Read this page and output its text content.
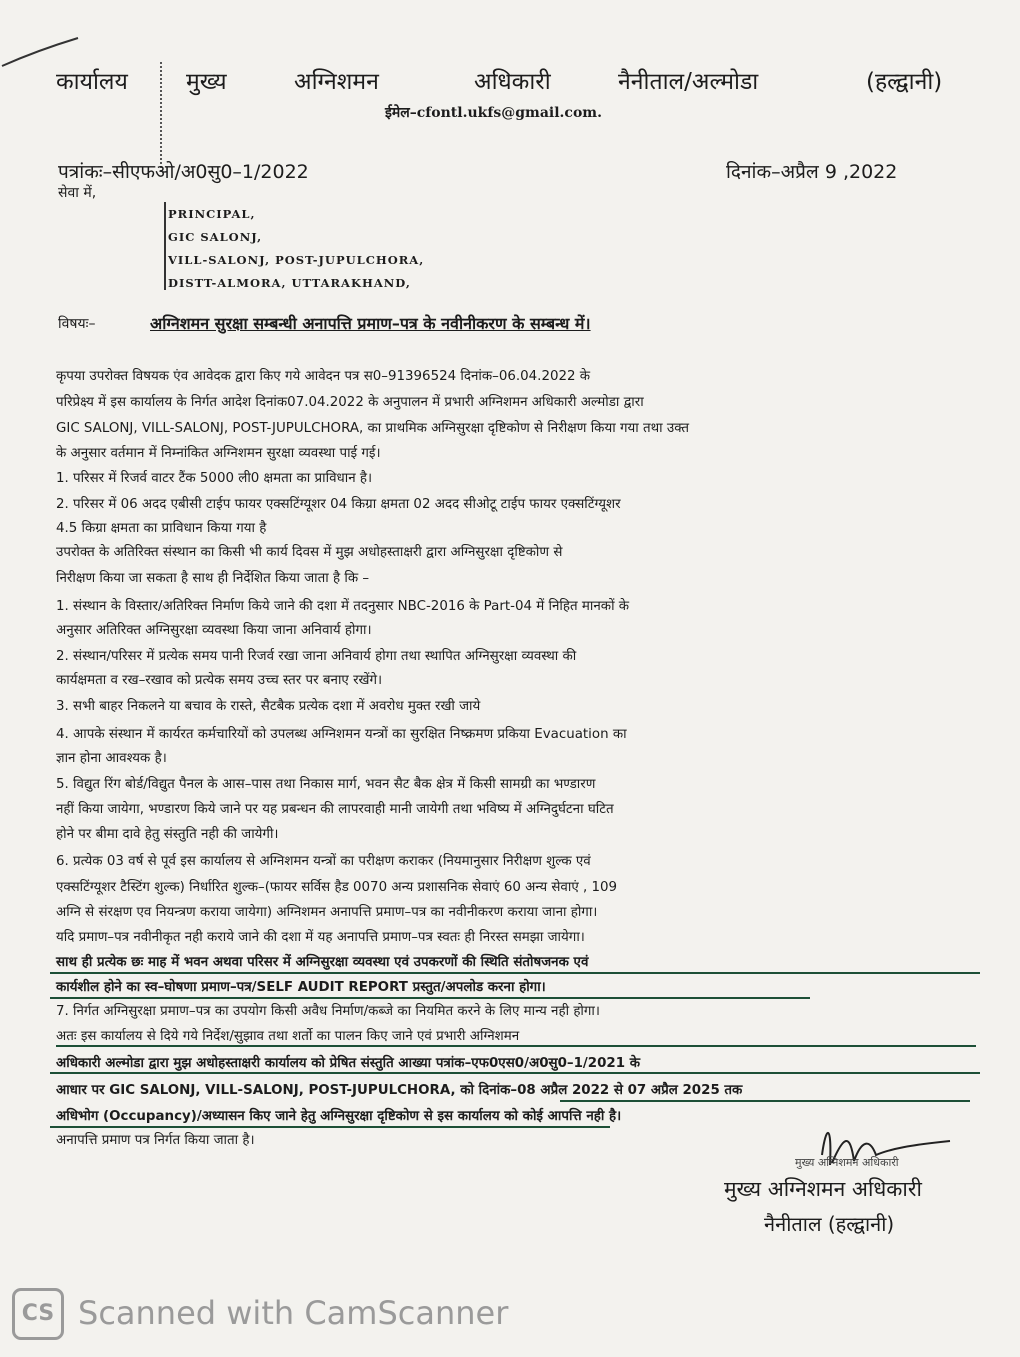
कार्यालय	मुख्य	अग्निशमन	अधिकारी	नैनीताल/अल्मोडा	(हल्द्वानी)
ईमेल–cfontl.ukfs@gmail.com.
पत्रांकः–सीएफओ/अ0सु0–1/2022	दिनांक–अप्रैल 9 ,2022
सेवा में,
PRINCIPAL,
GIC SALONJ,
VILL-SALONJ, POST-JUPULCHORA,
DISTT-ALMORA, UTTARAKHAND,
विषयः–	अग्निशमन सुरक्षा सम्बन्धी अनापत्ति प्रमाण–पत्र के नवीनीकरण के सम्बन्ध में।
कृपया उपरोक्त विषयक एंव आवेदक द्वारा किए गये आवेदन पत्र स0–91396524 दिनांक–06.04.2022 के
परिप्रेक्ष्य में इस कार्यालय के निर्गत आदेश दिनांक07.04.2022 के अनुपालन में प्रभारी अग्निशमन अधिकारी अल्मोडा द्वारा
GIC SALONJ, VILL-SALONJ, POST-JUPULCHORA, का प्राथमिक अग्निसुरक्षा दृष्टिकोण से निरीक्षण किया गया तथा उक्त
के अनुसार वर्तमान में निम्नांकित अग्निशमन सुरक्षा व्यवस्था पाई गई।
1. परिसर में रिजर्व वाटर टैंक 5000 ली0 क्षमता का प्राविधान है।
2. परिसर में 06 अदद एबीसी टाईप फायर एक्सटिंग्यूशर 04 किग्रा क्षमता 02 अदद सीओटू टाईप फायर एक्सटिंग्यूशर
4.5 किग्रा क्षमता का प्राविधान किया गया है
उपरोक्त के अतिरिक्त संस्थान का किसी भी कार्य दिवस में मुझ अधोहस्ताक्षरी द्वारा अग्निसुरक्षा दृष्टिकोण से
निरीक्षण किया जा सकता है साथ ही निर्देशित किया जाता है कि –
1. संस्थान के विस्तार/अतिरिक्त निर्माण किये जाने की दशा में तदनुसार NBC-2016 के Part-04 में निहित मानकों के
अनुसार अतिरिक्त अग्निसुरक्षा व्यवस्था किया जाना अनिवार्य होगा।
2. संस्थान/परिसर में प्रत्येक समय पानी रिजर्व रखा जाना अनिवार्य होगा तथा स्थापित अग्निसुरक्षा व्यवस्था की
कार्यक्षमता व रख–रखाव को प्रत्येक समय उच्च स्तर पर बनाए रखेंगे।
3. सभी बाहर निकलने या बचाव के रास्ते, सैटबैक प्रत्येक दशा में अवरोध मुक्त रखी जाये
4. आपके संस्थान में कार्यरत कर्मचारियों को उपलब्ध अग्निशमन यन्त्रों का सुरक्षित निष्क्रमण प्रकिया Evacuation का
ज्ञान होना आवश्यक है।
5. विद्युत रिंग बोर्ड/विद्युत पैनल के आस–पास तथा निकास मार्ग, भवन सैट बैक क्षेत्र में किसी सामग्री का भण्डारण
नहीं किया जायेगा, भण्डारण किये जाने पर यह प्रबन्धन की लापरवाही मानी जायेगी तथा भविष्य में अग्निदुर्घटना घटित
होने पर बीमा दावे हेतु संस्तुति नही की जायेगी।
6. प्रत्येक 03 वर्ष से पूर्व इस कार्यालय से अग्निशमन यन्त्रों का परीक्षण कराकर (नियमानुसार निरीक्षण शुल्क एवं
एक्सटिंग्यूशर टैस्टिंग शुल्क) निर्धारित शुल्क–(फायर सर्विस हैड 0070 अन्य प्रशासनिक सेवाएं 60 अन्य सेवाएं , 109
अग्नि से संरक्षण एव नियन्त्रण कराया जायेगा) अग्निशमन अनापत्ति प्रमाण–पत्र का नवीनीकरण कराया जाना होगा।
यदि प्रमाण–पत्र नवीनीकृत नही कराये जाने की दशा में यह अनापत्ति प्रमाण–पत्र स्वतः ही निरस्त समझा जायेगा।
साथ ही प्रत्येक छः माह में भवन अथवा परिसर में अग्निसुरक्षा व्यवस्था एवं उपकरणों की स्थिति संतोषजनक एवं
कार्यशील होने का स्व–घोषणा प्रमाण–पत्र/SELF AUDIT REPORT प्रस्तुत/अपलोड करना होगा।
7. निर्गत अग्निसुरक्षा प्रमाण–पत्र का उपयोग किसी अवैध निर्माण/कब्जे का नियमित करने के लिए मान्य नही होगा।
अतः इस कार्यालय से दिये गये निर्देश/सुझाव तथा शर्तो का पालन किए जाने एवं प्रभारी अग्निशमन
अधिकारी अल्मोडा द्वारा मुझ अधोहस्ताक्षरी कार्यालय को प्रेषित संस्तुति आख्या पत्रांक–एफ0एस0/अ0सु0–1/2021 के
आधार पर GIC SALONJ, VILL-SALONJ, POST-JUPULCHORA, को दिनांक–08 अप्रैल 2022 से 07 अप्रैल 2025 तक
अधिभोग (Occupancy)/अध्यासन किए जाने हेतु अग्निसुरक्षा दृष्टिकोण से इस कार्यालय को कोई आपत्ति नही है।
अनापत्ति प्रमाण पत्र निर्गत किया जाता है।
मुख्य अग्निशमन अधिकारी
मुख्य अग्निशमन अधिकारी
नैनीताल (हल्द्वानी)
CS Scanned with CamScanner
